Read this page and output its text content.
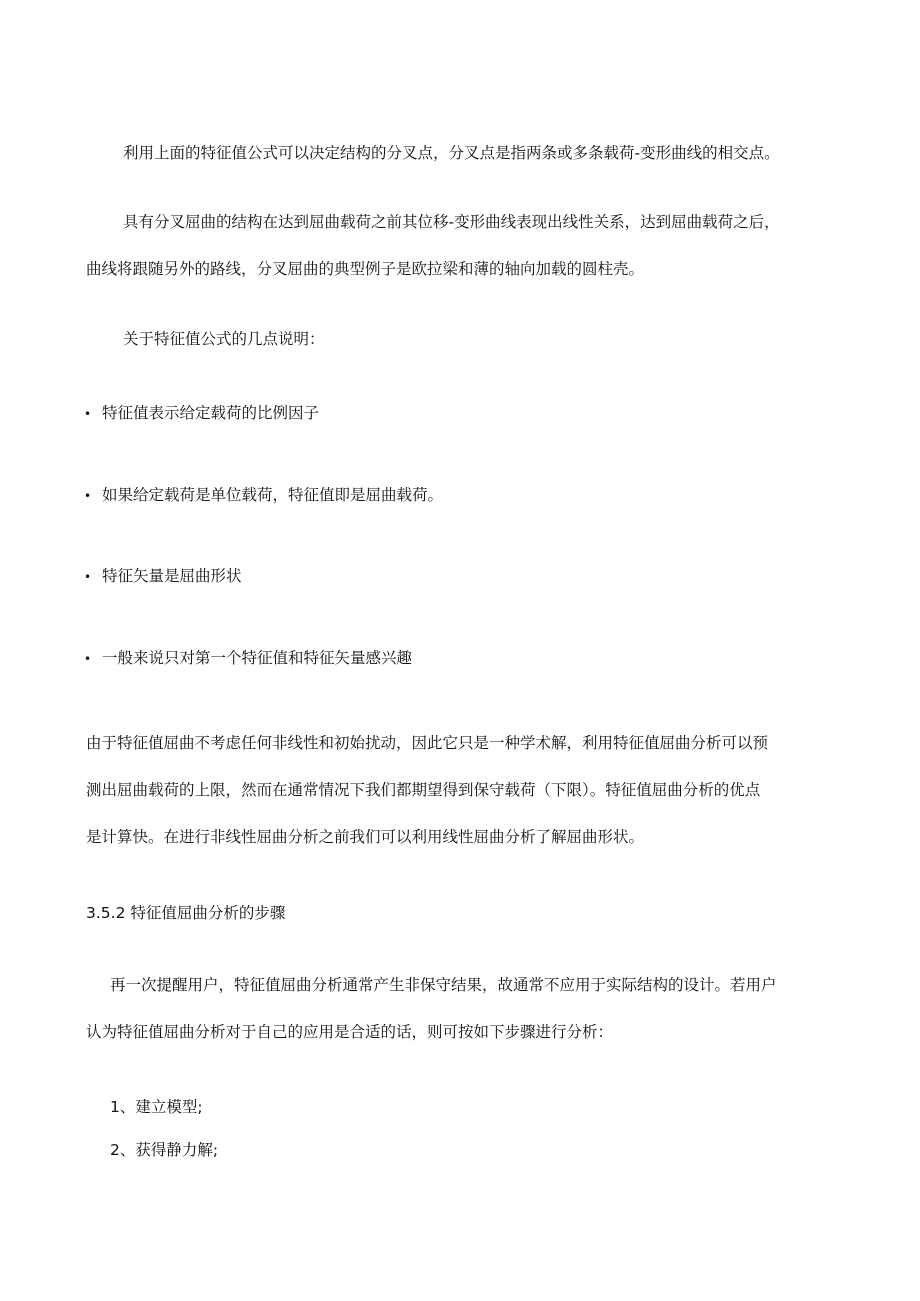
利用上面的特征值公式可以决定结构的分叉点，分叉点是指两条或多条载荷-变形曲线的相交点。

具有分叉屈曲的结构在达到屈曲载荷之前其位移-变形曲线表现出线性关系，达到屈曲载荷之后，

曲线将跟随另外的路线，分叉屈曲的典型例子是欧拉梁和薄的轴向加载的圆柱壳。

关于特征值公式的几点说明：

• 特征值表示给定载荷的比例因子
• 如果给定载荷是单位载荷，特征值即是屈曲载荷。
• 特征矢量是屈曲形状
• 一般来说只对第一个特征值和特征矢量感兴趣

由于特征值屈曲不考虑任何非线性和初始扰动，因此它只是一种学术解，利用特征值屈曲分析可以预

测出屈曲载荷的上限，然而在通常情况下我们都期望得到保守载荷（下限）。特征值屈曲分析的优点

是计算快。在进行非线性屈曲分析之前我们可以利用线性屈曲分析了解屈曲形状。

3.5.2 特征值屈曲分析的步骤

再一次提醒用户，特征值屈曲分析通常产生非保守结果，故通常不应用于实际结构的设计。若用户

认为特征值屈曲分析对于自己的应用是合适的话，则可按如下步骤进行分析：

1、建立模型;
2、获得静力解;
